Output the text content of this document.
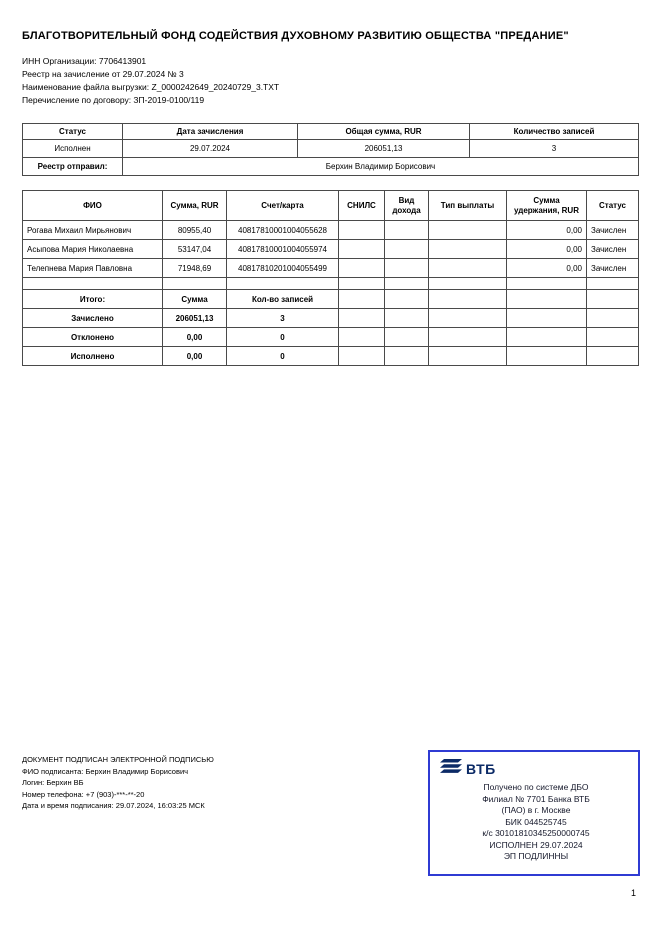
БЛАГОТВОРИТЕЛЬНЫЙ ФОНД СОДЕЙСТВИЯ ДУХОВНОМУ РАЗВИТИЮ ОБЩЕСТВА "ПРЕДАНИЕ"
ИНН Организации: 7706413901
Реестр на зачисление от 29.07.2024 № 3
Наименование файла выгрузки: Z_0000242649_20240729_3.TXT
Перечисление по договору: ЗП-2019-0100/119
Статус	Дата зачисления	Общая сумма, RUR	Количество записей
Исполнен	29.07.2024	206051,13	3
Реестр отправил:	Берхин Владимир Борисович		
ФИО	Сумма, RUR	Счет/карта	СНИЛС	Вид дохода	Тип выплаты	Сумма удержания, RUR	Статус
Рогава Михаил Мирьянович	80955,40	40817810001004055628				0,00	Зачислен
Асыпова Мария Николаевна	53147,04	40817810001004055974				0,00	Зачислен
Телепнева Мария Павловна	71948,69	40817810201004055499				0,00	Зачислен

Итого:	Сумма	Кол-во записей					
Зачислено	206051,13	3					
Отклонено	0,00	0					
Исполнено	0,00	0					
ДОКУМЕНТ ПОДПИСАН ЭЛЕКТРОННОЙ ПОДПИСЬЮ
ФИО подписанта: Берхин Владимир Борисович
Логин: Берхин ВБ
Номер телефона: +7 (903)-***-**-20
Дата и время подписания: 29.07.2024, 16:03:25 МСК
ВТБ
Получено по системе ДБО
Филиал № 7701 Банка ВТБ
(ПАО) в г. Москве
БИК 044525745
к/с 30101810345250000745
ИСПОЛНЕН 29.07.2024
ЭП ПОДЛИННЫ
1
